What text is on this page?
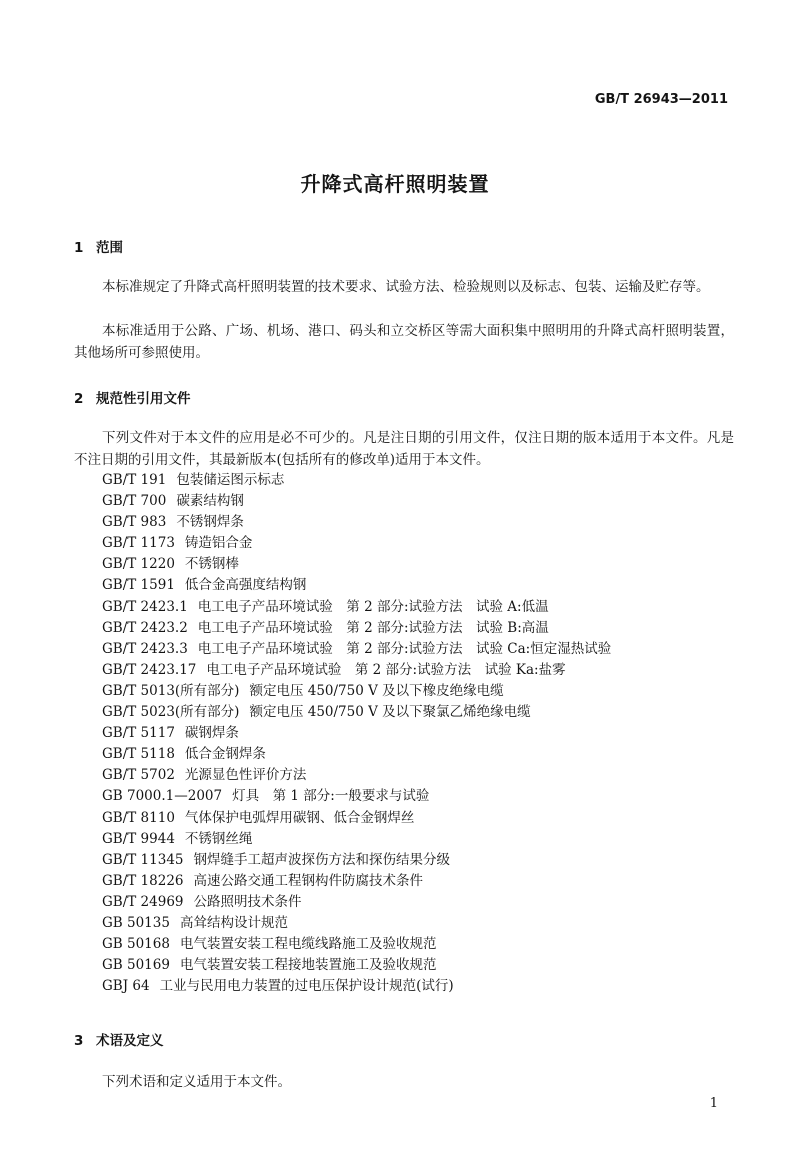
GB/T 26943—2011
升降式高杆照明装置
1 范围

本标准规定了升降式高杆照明装置的技术要求、试验方法、检验规则以及标志、包装、运输及贮存等。

本标准适用于公路、广场、机场、港口、码头和立交桥区等需大面积集中照明用的升降式高杆照明装置，其他场所可参照使用。

2 规范性引用文件

下列文件对于本文件的应用是必不可少的。凡是注日期的引用文件，仅注日期的版本适用于本文件。凡是不注日期的引用文件，其最新版本(包括所有的修改单)适用于本文件。

GB/T 191 包装储运图示标志
GB/T 700 碳素结构钢
GB/T 983 不锈钢焊条
GB/T 1173 铸造铝合金
GB/T 1220 不锈钢棒
GB/T 1591 低合金高强度结构钢
GB/T 2423.1 电工电子产品环境试验　第 2 部分:试验方法　试验 A:低温
GB/T 2423.2 电工电子产品环境试验　第 2 部分:试验方法　试验 B:高温
GB/T 2423.3 电工电子产品环境试验　第 2 部分:试验方法　试验 Ca:恒定湿热试验
GB/T 2423.17 电工电子产品环境试验　第 2 部分:试验方法　试验 Ka:盐雾
GB/T 5013(所有部分) 额定电压 450/750 V 及以下橡皮绝缘电缆
GB/T 5023(所有部分) 额定电压 450/750 V 及以下聚氯乙烯绝缘电缆
GB/T 5117 碳钢焊条
GB/T 5118 低合金钢焊条
GB/T 5702 光源显色性评价方法
GB 7000.1—2007 灯具　第 1 部分:一般要求与试验
GB/T 8110 气体保护电弧焊用碳钢、低合金钢焊丝
GB/T 9944 不锈钢丝绳
GB/T 11345 钢焊缝手工超声波探伤方法和探伤结果分级
GB/T 18226 高速公路交通工程钢构件防腐技术条件
GB/T 24969 公路照明技术条件
GB 50135 高耸结构设计规范
GB 50168 电气装置安装工程电缆线路施工及验收规范
GB 50169 电气装置安装工程接地装置施工及验收规范
GBJ 64 工业与民用电力装置的过电压保护设计规范(试行)
3 术语及定义

下列术语和定义适用于本文件。

1
